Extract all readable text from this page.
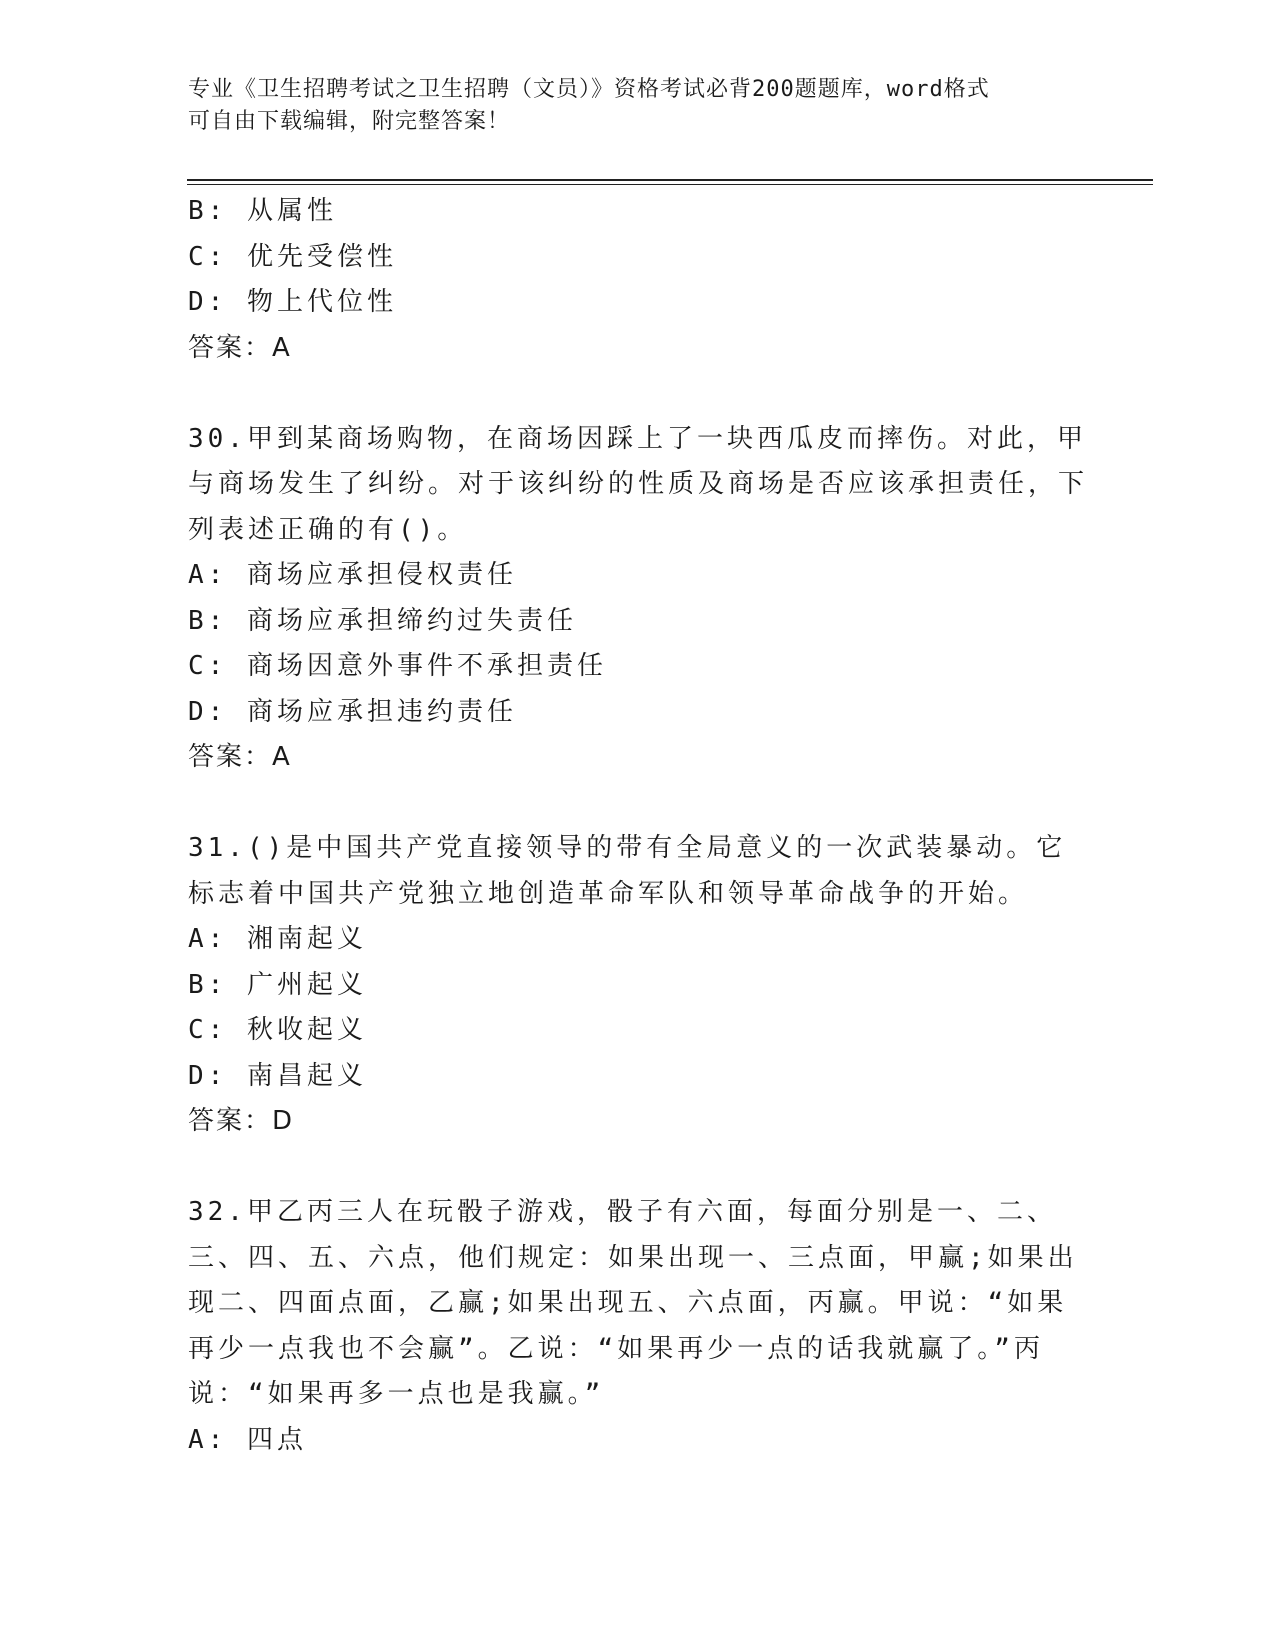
专业《卫生招聘考试之卫生招聘（文员）》资格考试必背200题题库，word格式
可自由下载编辑，附完整答案！
B: 从属性
C: 优先受偿性
D: 物上代位性
答案：A
30.甲到某商场购物，在商场因踩上了一块西瓜皮而摔伤。对此，甲与商场发生了纠纷。对于该纠纷的性质及商场是否应该承担责任，下列表述正确的有()。
A: 商场应承担侵权责任
B: 商场应承担缔约过失责任
C: 商场因意外事件不承担责任
D: 商场应承担违约责任
答案：A
31.()是中国共产党直接领导的带有全局意义的一次武装暴动。它标志着中国共产党独立地创造革命军队和领导革命战争的开始。
A: 湘南起义
B: 广州起义
C: 秋收起义
D: 南昌起义
答案：D
32.甲乙丙三人在玩骰子游戏，骰子有六面，每面分别是一、二、三、四、五、六点，他们规定：如果出现一、三点面，甲赢;如果出现二、四面点面，乙赢;如果出现五、六点面，丙赢。甲说：“如果再少一点我也不会赢”。乙说：“如果再少一点的话我就赢了。”丙说：“如果再多一点也是我赢。”
A: 四点
